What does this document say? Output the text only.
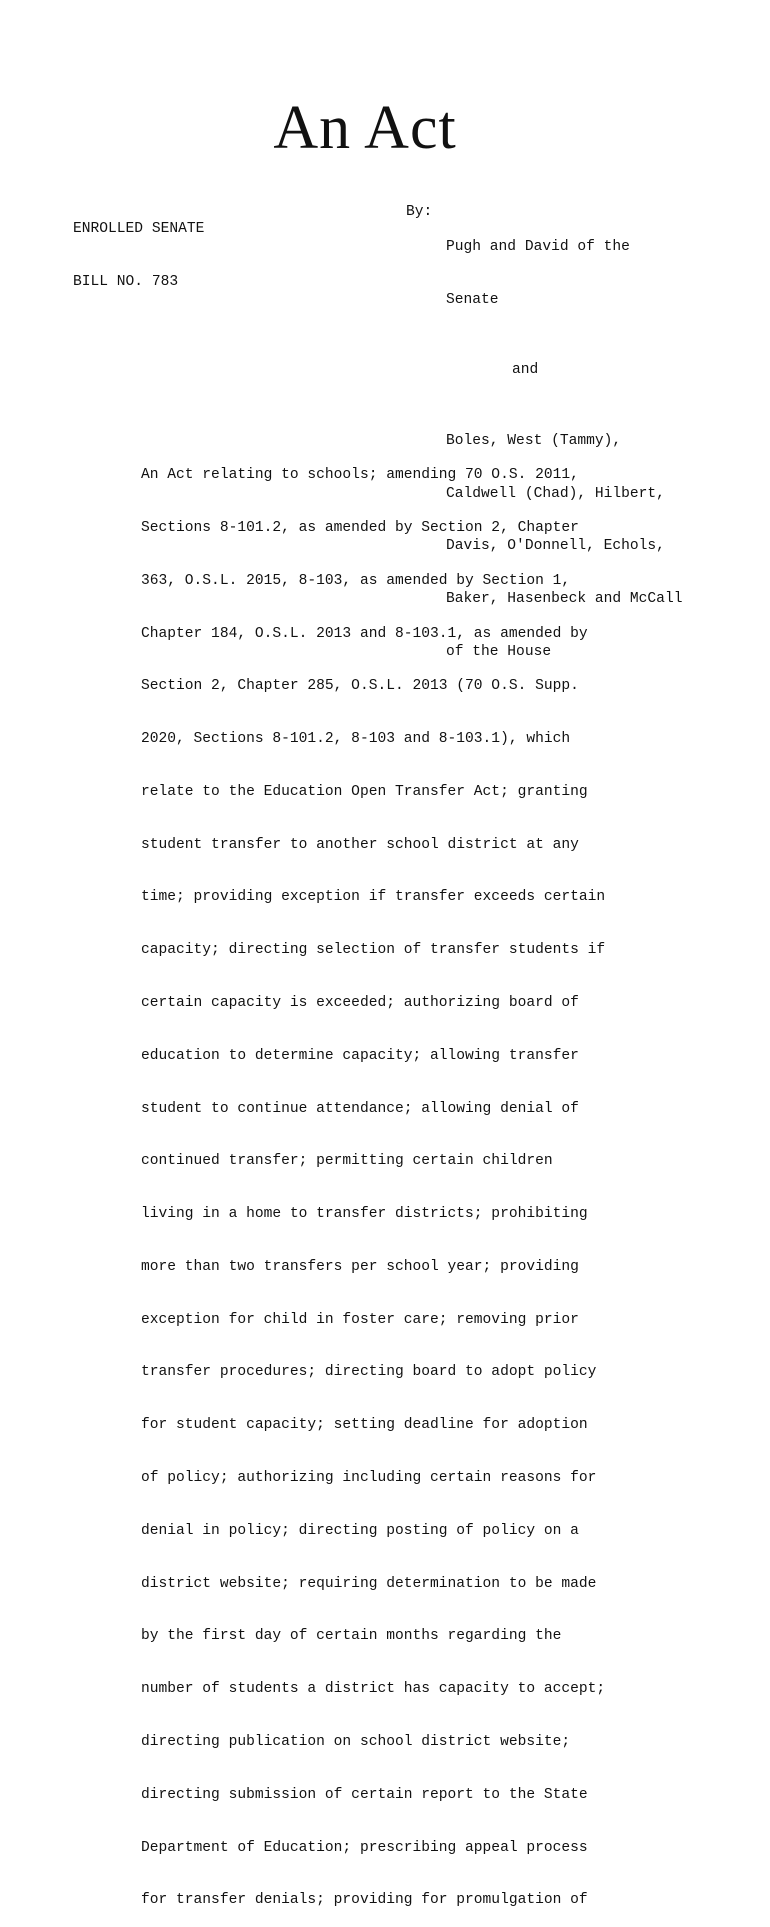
An Act

ENROLLED SENATE

BILL NO. 783

By:

Pugh and David of the

Senate

and

Boles, West (Tammy),

Caldwell (Chad), Hilbert,

Davis, O'Donnell, Echols,

Baker, Hasenbeck and McCall

of the House

An Act relating to schools; amending 70 O.S. 2011,

Sections 8-101.2, as amended by Section 2, Chapter

363, O.S.L. 2015, 8-103, as amended by Section 1,

Chapter 184, O.S.L. 2013 and 8-103.1, as amended by

Section 2, Chapter 285, O.S.L. 2013 (70 O.S. Supp.

2020, Sections 8-101.2, 8-103 and 8-103.1), which

relate to the Education Open Transfer Act; granting

student transfer to another school district at any

time; providing exception if transfer exceeds certain

capacity; directing selection of transfer students if

certain capacity is exceeded; authorizing board of

education to determine capacity; allowing transfer

student to continue attendance; allowing denial of

continued transfer; permitting certain children

living in a home to transfer districts; prohibiting

more than two transfers per school year; providing

exception for child in foster care; removing prior

transfer procedures; directing board to adopt policy

for student capacity; setting deadline for adoption

of policy; authorizing including certain reasons for

denial in policy; directing posting of policy on a

district website; requiring determination to be made

by the first day of certain months regarding the

number of students a district has capacity to accept;

directing publication on school district website;

directing submission of certain report to the State

Department of Education; prescribing appeal process

for transfer denials; providing for promulgation of
